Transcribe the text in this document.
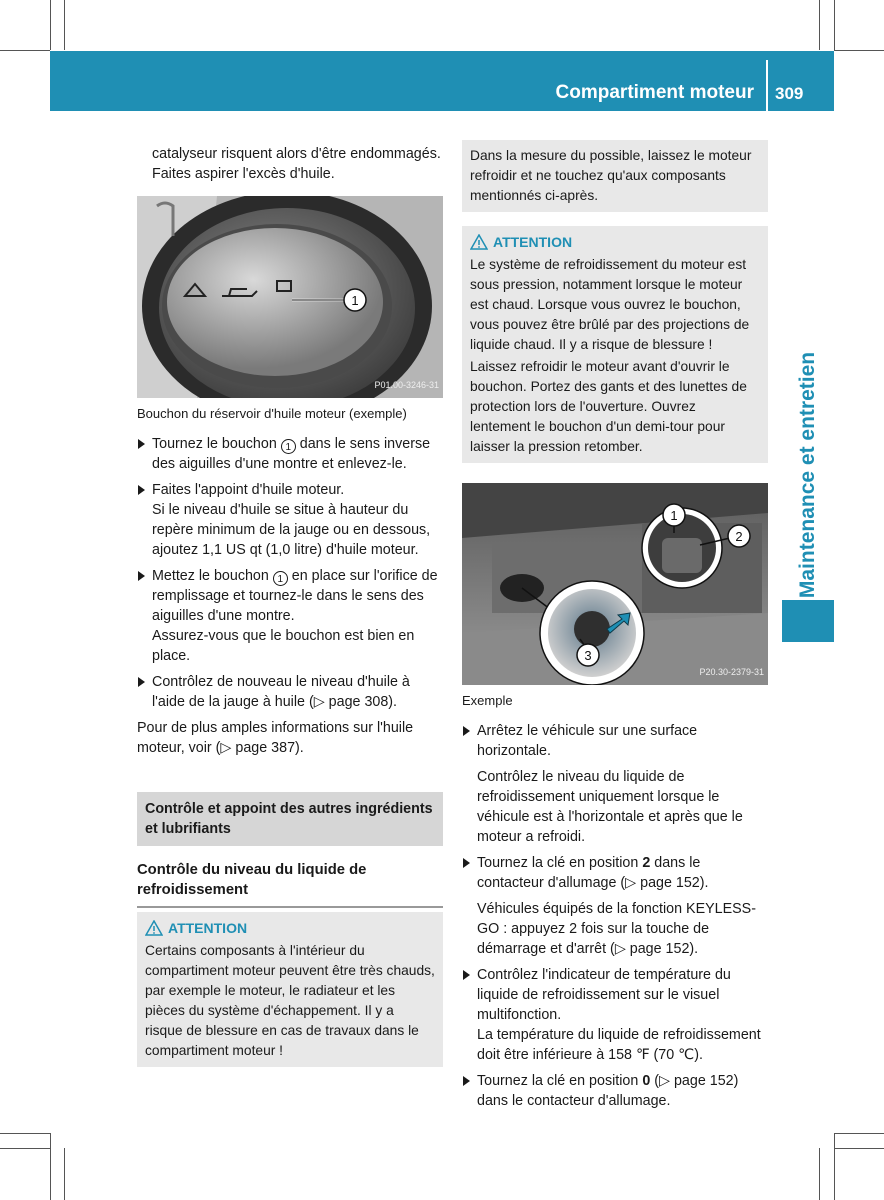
Compartiment moteur 309
Maintenance et entretien

catalyseur risquent alors d'être endommagés. Faites aspirer l'excès d'huile.

1
P01.00-3246-31
Bouchon du réservoir d'huile moteur (exemple)
Tournez le bouchon 1 dans le sens inverse des aiguilles d'une montre et enlevez-le.
Faites l'appoint d'huile moteur.
Si le niveau d'huile se situe à hauteur du repère minimum de la jauge ou en dessous, ajoutez 1,1 US qt (1,0 litre) d'huile moteur.
Mettez le bouchon 1 en place sur l'orifice de remplissage et tournez-le dans le sens des aiguilles d'une montre.
Assurez-vous que le bouchon est bien en place.
Contrôlez de nouveau le niveau d'huile à l'aide de la jauge à huile (▷ page 308).

Pour de plus amples informations sur l'huile moteur, voir (▷ page 387).

Contrôle et appoint des autres ingrédients et lubrifiants
Contrôle du niveau du liquide de refroidissement
ATTENTION
Certains composants à l'intérieur du compartiment moteur peuvent être très chauds, par exemple le moteur, le radiateur et les pièces du système d'échappement. Il y a risque de blessure en cas de travaux dans le compartiment moteur !
Dans la mesure du possible, laissez le moteur refroidir et ne touchez qu'aux composants mentionnés ci-après.
ATTENTION
Le système de refroidissement du moteur est sous pression, notamment lorsque le moteur est chaud. Lorsque vous ouvrez le bouchon, vous pouvez être brûlé par des projections de liquide chaud. Il y a risque de blessure !
Laissez refroidir le moteur avant d'ouvrir le bouchon. Portez des gants et des lunettes de protection lors de l'ouverture. Ouvrez lentement le bouchon d'un demi-tour pour laisser la pression retomber.
1
2
3
P20.30-2379-31
Exemple
Arrêtez le véhicule sur une surface horizontale.

Contrôlez le niveau du liquide de refroidissement uniquement lorsque le véhicule est à l'horizontale et après que le moteur a refroidi.

Tournez la clé en position 2 dans le contacteur d'allumage (▷ page 152).

Véhicules équipés de la fonction KEYLESS-GO : appuyez 2 fois sur la touche de démarrage et d'arrêt (▷ page 152).

Contrôlez l'indicateur de température du liquide de refroidissement sur le visuel multifonction.
La température du liquide de refroidissement doit être inférieure à 158 ℉ (70 ℃).
Tournez la clé en position 0 (▷ page 152) dans le contacteur d'allumage.
